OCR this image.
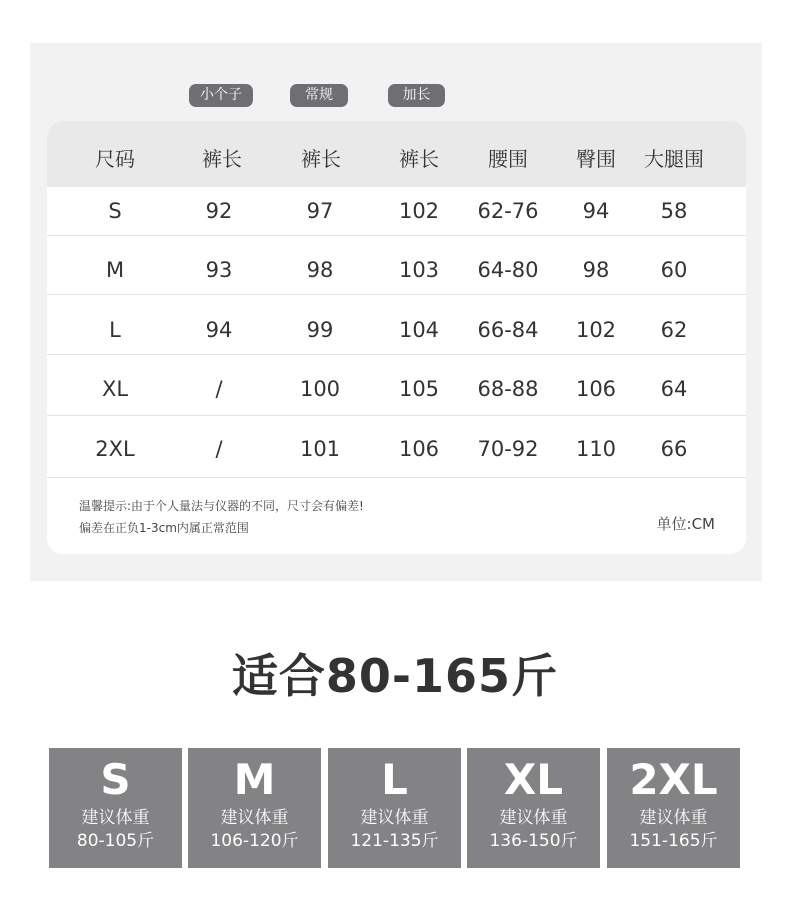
小个子	常规	加长
尺码	裤长	裤长	裤长 腰围 臀围 大腿围
S	92	97	102 62-76 94 58
M	93	98	103 64-80 98 60
L	94	99	104 66-84 102 62
XL	/	100	105 68-88 106 64
2XL	/	101	106 70-92 110 66
温馨提示:由于个人量法与仪器的不同，尺寸会有偏差!
偏差在正负1-3cm内属正常范围	单位:CM
适合80-165斤
S
建议体重
80-105斤
M
建议体重
106-120斤
L
建议体重
121-135斤
XL
建议体重
136-150斤
2XL
建议体重
151-165斤
